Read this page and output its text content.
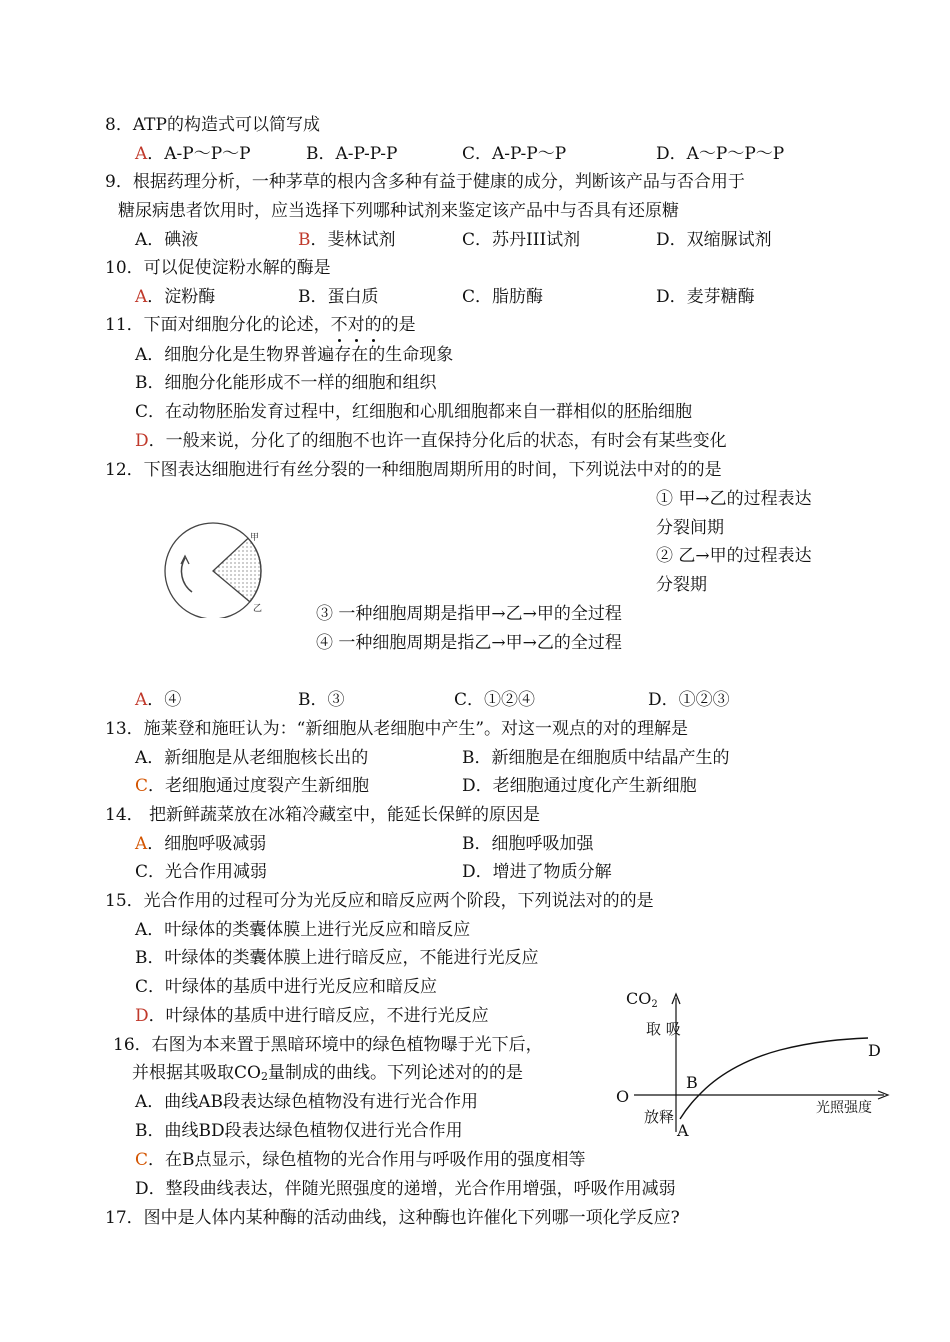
8．ATP的构造式可以简写成
A．A-P～P～P	B．A-P-P-P	C．A-P-P～P	D．A～P～P～P
9．根据药理分析，一种茅草的根内含多种有益于健康的成分，判断该产品与否合用于
糖尿病患者饮用时，应当选择下列哪种试剂来鉴定该产品中与否具有还原糖
A．碘液	B．斐林试剂	C．苏丹III试剂	D．双缩脲试剂
10．可以促使淀粉水解的酶是
A．淀粉酶	B．蛋白质	C．脂肪酶	D．麦芽糖酶
11．下面对细胞分化的论述，不对的的是
A．细胞分化是生物界普遍存在的生命现象
B．细胞分化能形成不一样的细胞和组织
C．在动物胚胎发育过程中，红细胞和心肌细胞都来自一群相似的胚胎细胞
D．一般来说，分化了的细胞不也许一直保持分化后的状态，有时会有某些变化
12．下图表达细胞进行有丝分裂的一种细胞周期所用的时间，下列说法中对的的是
① 甲→乙的过程表达
分裂间期
② 乙→甲的过程表达
分裂期
③ 一种细胞周期是指甲→乙→甲的全过程
④ 一种细胞周期是指乙→甲→乙的全过程
甲
乙
A．④	B．③	C．①②④	D．①②③
13．施莱登和施旺认为：“新细胞从老细胞中产生”。对这一观点的对的理解是
A．新细胞是从老细胞核长出的	B．新细胞是在细胞质中结晶产生的
C．老细胞通过度裂产生新细胞	D．老细胞通过度化产生新细胞
14． 把新鲜蔬菜放在冰箱冷藏室中，能延长保鲜的原因是
A．细胞呼吸减弱	B．细胞呼吸加强
C．光合作用减弱	D．增进了物质分解
15．光合作用的过程可分为光反应和暗反应两个阶段，下列说法对的的是
A．叶绿体的类囊体膜上进行光反应和暗反应
B．叶绿体的类囊体膜上进行暗反应，不能进行光反应
C．叶绿体的基质中进行光反应和暗反应
D．叶绿体的基质中进行暗反应，不进行光反应
16．右图为本来置于黑暗环境中的绿色植物曝于光下后，
并根据其吸取CO2量制成的曲线。下列论述对的的是
A．曲线AB段表达绿色植物没有进行光合作用
B．曲线BD段表达绿色植物仅进行光合作用
C．在B点显示，绿色植物的光合作用与呼吸作用的强度相等
D．整段曲线表达，伴随光照强度的递增，光合作用增强，呼吸作用减弱
CO2
取 吸
放释
O
光照强度
A
B
D
17．图中是人体内某种酶的活动曲线，这种酶也许催化下列哪一项化学反应?
